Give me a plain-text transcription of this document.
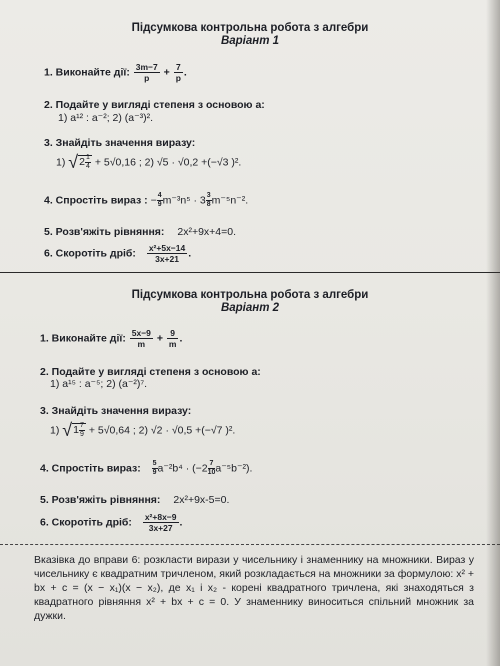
Підсумкова контрольна робота з алгебри
Варіант 1
1. Виконайте дії: $\frac{3m-7}{p} + \frac{7}{p}$ .
2. Подайте у вигляді степеня з основою a:
1) a¹² : a⁻²; 2) (a⁻³)².
3. Знайдіть значення виразу:
1) $√2 \frac{1}{4} + 5√0,16$ ; 2) √5 · √0,2 +(−√3 )².
4. Спростіть вираз : − $\frac{4}{9} m^{-3}n^5 \cdot 3 \frac{3}{8} m^{-5}n^{-2}$.
5. Розв'яжіть рівняння: 2x²+9x+4=0.
6. Скоротіть дріб: $\frac{\text{x²+5x−14}}{3x+21}$ .
Підсумкова контрольна робота з алгебри
Варіант 2
1. Виконайте дії: $\frac{5x-9}{m} + \frac{9}{m}$ .
2. Подайте у вигляді степеня з основою a:
1) a¹⁵ : a⁻⁵; 2) (a⁻²)⁷.
3. Знайдіть значення виразу:
1) $√1 \frac{7}{9} + 5√0,64$ ; 2) √2 · √0,5 +(−√7 )².
4. Спростіть вираз: $\frac{5}{9} a^{-2}b^4 \cdot (-2 \frac{7}{10} a^{-5}b^{-2})$.
5. Розв'яжіть рівняння: 2x²+9x-5=0.
6. Скоротіть дріб: $\frac{\text{x²+8x−9}}{3x+27}$ .
Вказівка до вправи 6: розкласти вирази у чисельнику і знаменнику на множники. Вираз у чисельнику є квадратним тричленом, який розкладається на множники за формулою: x² + bx + c = (x − x₁)(x − x₂), де x₁ і x₂ - корені квадратного тричлена, які знаходяться з квадратного рівняння x² + bx + c = 0. У знаменнику виноситься спільний множник за дужки.
